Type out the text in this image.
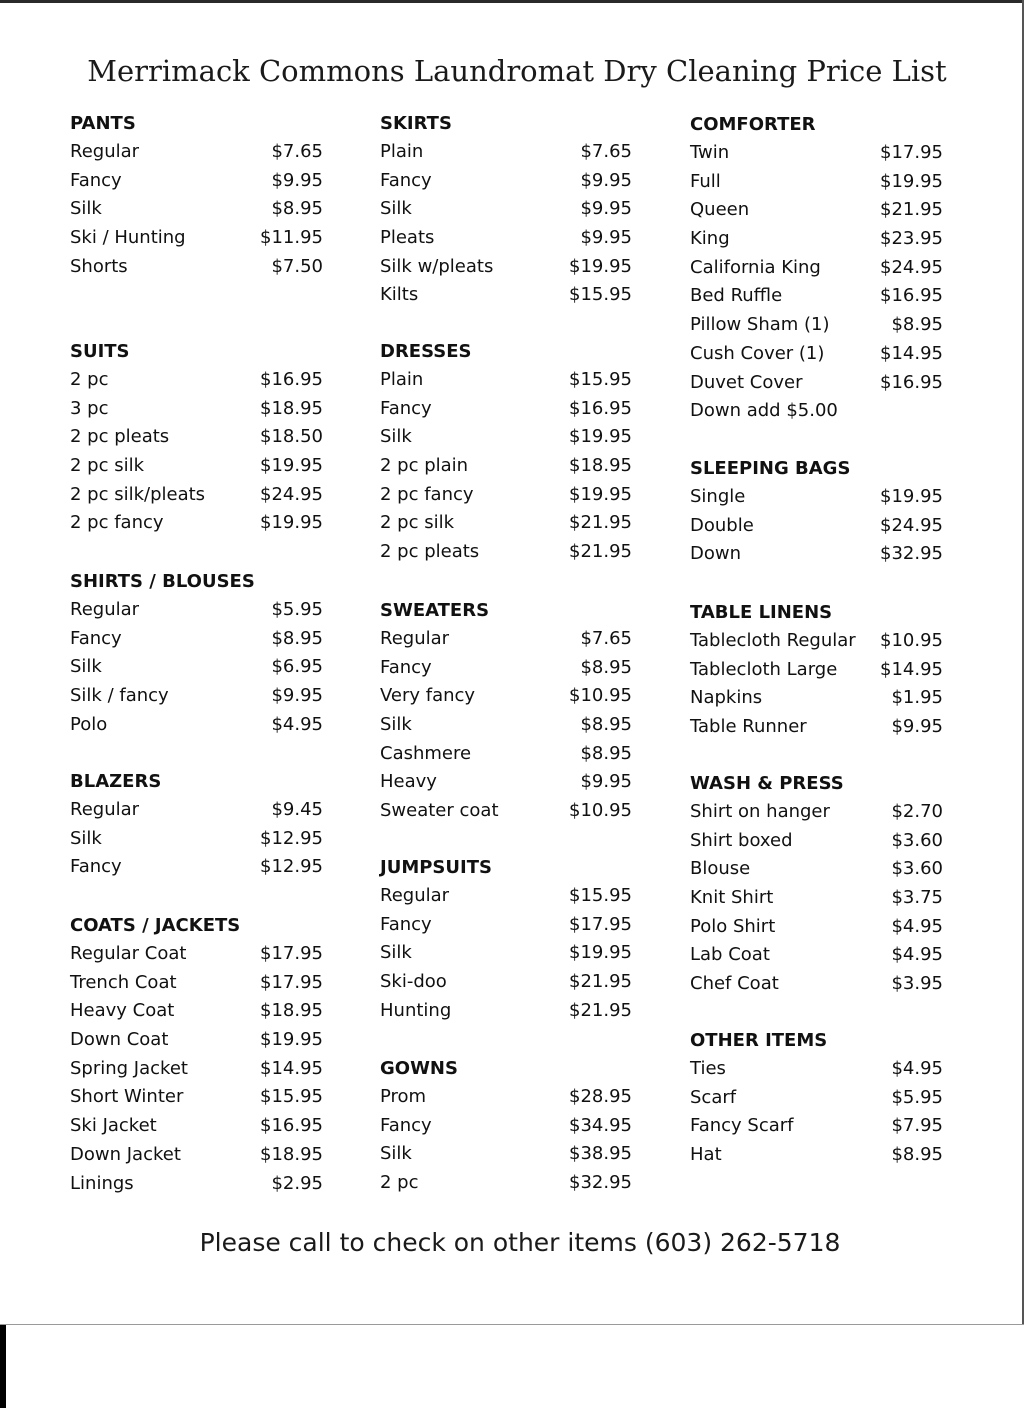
Merrimack Commons Laundromat Dry Cleaning Price List
PANTS
Regular	$7.65
Fancy	$9.95
Silk	$8.95
Ski / Hunting	$11.95
Shorts	$7.50
SUITS
2 pc	$16.95
3 pc	$18.95
2 pc pleats	$18.50
2 pc silk	$19.95
2 pc silk/pleats	$24.95
2 pc fancy	$19.95
SHIRTS / BLOUSES
Regular	$5.95
Fancy	$8.95
Silk	$6.95
Silk / fancy	$9.95
Polo	$4.95
BLAZERS
Regular	$9.45
Silk	$12.95
Fancy	$12.95
COATS / JACKETS
Regular Coat	$17.95
Trench Coat	$17.95
Heavy Coat	$18.95
Down Coat	$19.95
Spring Jacket	$14.95
Short Winter	$15.95
Ski Jacket	$16.95
Down Jacket	$18.95
Linings	$2.95
SKIRTS
Plain	$7.65
Fancy	$9.95
Silk	$9.95
Pleats	$9.95
Silk w/pleats	$19.95
Kilts	$15.95
DRESSES
Plain	$15.95
Fancy	$16.95
Silk	$19.95
2 pc plain	$18.95
2 pc fancy	$19.95
2 pc silk	$21.95
2 pc pleats	$21.95
SWEATERS
Regular	$7.65
Fancy	$8.95
Very fancy	$10.95
Silk	$8.95
Cashmere	$8.95
Heavy	$9.95
Sweater coat	$10.95
JUMPSUITS
Regular	$15.95
Fancy	$17.95
Silk	$19.95
Ski-doo	$21.95
Hunting	$21.95
GOWNS
Prom	$28.95
Fancy	$34.95
Silk	$38.95
2 pc	$32.95
COMFORTER
Twin	$17.95
Full	$19.95
Queen	$21.95
King	$23.95
California King	$24.95
Bed Ruffle	$16.95
Pillow Sham (1)	$8.95
Cush Cover (1)	$14.95
Duvet Cover	$16.95
Down add $5.00
SLEEPING BAGS
Single	$19.95
Double	$24.95
Down	$32.95
TABLE LINENS
Tablecloth Regular $10.95
Tablecloth Large $14.95
Napkins	$1.95
Table Runner	$9.95
WASH & PRESS
Shirt on hanger	$2.70
Shirt boxed	$3.60
Blouse	$3.60
Knit Shirt	$3.75
Polo Shirt	$4.95
Lab Coat	$4.95
Chef Coat	$3.95
OTHER ITEMS
Ties	$4.95
Scarf	$5.95
Fancy Scarf	$7.95
Hat	$8.95
Please call to check on other items (603) 262-5718
